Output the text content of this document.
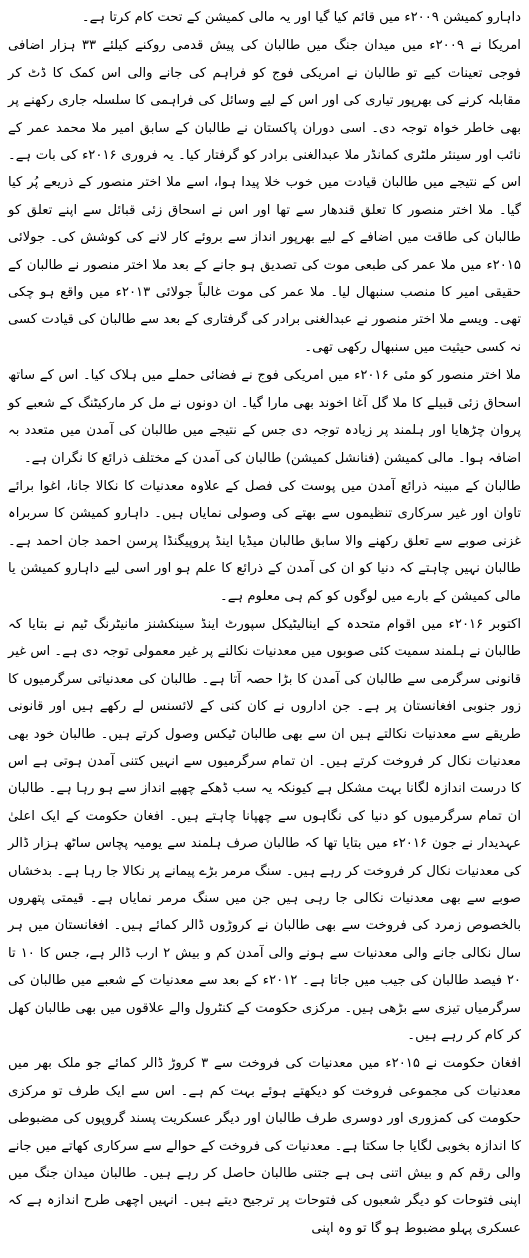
داہارو کمیشن ۲۰۰۹ء میں قائم کیا گیا اور یہ مالی کمیشن کے تحت کام کرتا ہے۔

امریکا نے ۲۰۰۹ء میں میدان جنگ میں طالبان کی پیش قدمی روکنے کیلئے ۳۳ ہزار اضافی فوجی تعینات کیے تو طالبان نے امریکی فوج کو فراہم کی جانے والی اس کمک کا ڈٹ کر مقابلہ کرنے کی بھرپور تیاری کی اور اس کے لیے وسائل کی فراہمی کا سلسلہ جاری رکھنے پر بھی خاطر خواہ توجہ دی۔ اسی دوران پاکستان نے طالبان کے سابق امیر ملا محمد عمر کے نائب اور سینئر ملٹری کمانڈر ملا عبدالغنی برادر کو گرفتار کیا۔ یہ فروری ۲۰۱۶ء کی بات ہے۔ اس کے نتیجے میں طالبان قیادت میں خوب خلا پیدا ہوا، اسے ملا اختر منصور کے ذریعے پُر کیا گیا۔ ملا اختر منصور کا تعلق قندھار سے تھا اور اس نے اسحاق زئی قبائل سے اپنے تعلق کو طالبان کی طاقت میں اضافے کے لیے بھرپور انداز سے بروئے کار لانے کی کوشش کی۔ جولائی ۲۰۱۵ء میں ملا عمر کی طبعی موت کی تصدیق ہو جانے کے بعد ملا اختر منصور نے طالبان کے حقیقی امیر کا منصب سنبھال لیا۔ ملا عمر کی موت غالباً جولائی ۲۰۱۳ء میں واقع ہو چکی تھی۔ ویسے ملا اختر منصور نے عبدالغنی برادر کی گرفتاری کے بعد سے طالبان کی قیادت کسی نہ کسی حیثیت میں سنبھال رکھی تھی۔

ملا اختر منصور کو مئی ۲۰۱۶ء میں امریکی فوج نے فضائی حملے میں ہلاک کیا۔ اس کے ساتھ اسحاق زئی قبیلے کا ملا گل آغا اخوند بھی مارا گیا۔ ان دونوں نے مل کر مارکیٹنگ کے شعبے کو پروان چڑھایا اور ہلمند پر زیادہ توجہ دی جس کے نتیجے میں طالبان کی آمدن میں متعدد بہ اضافہ ہوا۔ مالی کمیشن (فنانشل کمیشن) طالبان کی آمدن کے مختلف ذرائع کا نگران ہے۔

طالبان کے مبینہ ذرائع آمدن میں پوست کی فصل کے علاوہ معدنیات کا نکالا جانا، اغوا برائے تاوان اور غیر سرکاری تنظیموں سے بھتے کی وصولی نمایاں ہیں۔ داہارو کمیشن کا سربراہ غزنی صوبے سے تعلق رکھنے والا سابق طالبان میڈیا اینڈ پروپیگنڈا پرسن احمد جان احمد ہے۔ طالبان نہیں چاہتے کہ دنیا کو ان کی آمدن کے ذرائع کا علم ہو اور اسی لیے داہارو کمیشن یا مالی کمیشن کے بارے میں لوگوں کو کم ہی معلوم ہے۔

اکتوبر ۲۰۱۶ء میں اقوام متحدہ کے اینالیٹیکل سپورٹ اینڈ سینکشنز مانیٹرنگ ٹیم نے بتایا کہ طالبان نے ہلمند سمیت کئی صوبوں میں معدنیات نکالنے پر غیر معمولی توجہ دی ہے۔ اس غیر قانونی سرگرمی سے طالبان کی آمدن کا بڑا حصہ آتا ہے۔ طالبان کی معدنیاتی سرگرمیوں کا زور جنوبی افغانستان پر ہے۔ جن اداروں نے کان کنی کے لائسنس لے رکھے ہیں اور قانونی طریقے سے معدنیات نکالتے ہیں ان سے بھی طالبان ٹیکس وصول کرتے ہیں۔ طالبان خود بھی معدنیات نکال کر فروخت کرتے ہیں۔ ان تمام سرگرمیوں سے انہیں کتنی آمدن ہوتی ہے اس کا درست اندازہ لگانا بہت مشکل ہے کیونکہ یہ سب ڈھکے چھپے انداز سے ہو رہا ہے۔ طالبان ان تمام سرگرمیوں کو دنیا کی نگاہوں سے چھپانا چاہتے ہیں۔ افغان حکومت کے ایک اعلیٰ عہدیدار نے جون ۲۰۱۶ء میں بتایا تھا کہ طالبان صرف ہلمند سے یومیہ پچاس ساٹھ ہزار ڈالر کی معدنیات نکال کر فروخت کر رہے ہیں۔ سنگ مرمر بڑے پیمانے پر نکالا جا رہا ہے۔ بدخشاں صوبے سے بھی معدنیات نکالی جا رہی ہیں جن میں سنگ مرمر نمایاں ہے۔ قیمتی پتھروں بالخصوص زمرد کی فروخت سے بھی طالبان نے کروڑوں ڈالر کمائے ہیں۔ افغانستان میں ہر سال نکالی جانے والی معدنیات سے ہونے والی آمدن کم و بیش ۲ ارب ڈالر ہے، جس کا ۱۰ تا ۲۰ فیصد طالبان کی جیب میں جاتا ہے۔ ۲۰۱۲ء کے بعد سے معدنیات کے شعبے میں طالبان کی سرگرمیاں تیزی سے بڑھی ہیں۔ مرکزی حکومت کے کنٹرول والے علاقوں میں بھی طالبان کھل کر کام کر رہے ہیں۔

افغان حکومت نے ۲۰۱۵ء میں معدنیات کی فروخت سے ۳ کروڑ ڈالر کمائے جو ملک بھر میں معدنیات کی مجموعی فروخت کو دیکھتے ہوئے بہت کم ہے۔ اس سے ایک طرف تو مرکزی حکومت کی کمزوری اور دوسری طرف طالبان اور دیگر عسکریت پسند گروپوں کی مضبوطی کا اندازہ بخوبی لگایا جا سکتا ہے۔ معدنیات کی فروخت کے حوالے سے سرکاری کھاتے میں جانے والی رقم کم و بیش اتنی ہی ہے جتنی طالبان حاصل کر رہے ہیں۔ طالبان میدان جنگ میں اپنی فتوحات کو دیگر شعبوں کی فتوحات پر ترجیح دیتے ہیں۔ انہیں اچھی طرح اندازہ ہے کہ عسکری پہلو مضبوط ہو گا تو وہ اپنی
